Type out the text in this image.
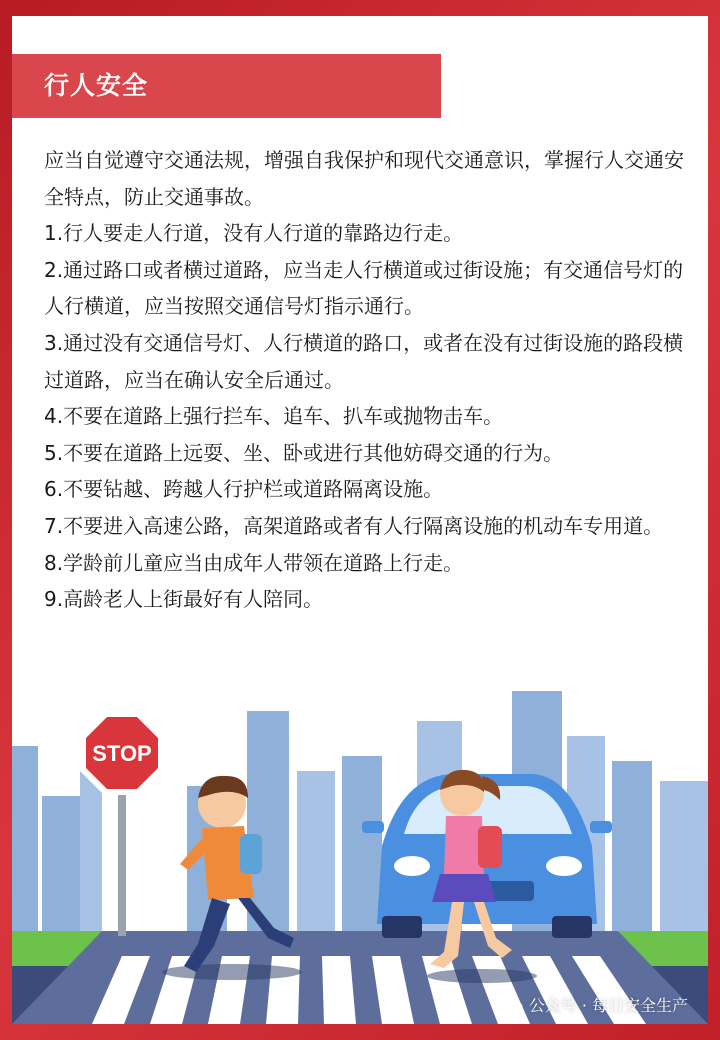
行人安全

应当自觉遵守交通法规，增强自我保护和现代交通意识，掌握行人交通安全特点，防止交通事故。

1.行人要走人行道，没有人行道的靠路边行走。

2.通过路口或者横过道路，应当走人行横道或过街设施；有交通信号灯的人行横道，应当按照交通信号灯指示通行。

3.通过没有交通信号灯、人行横道的路口，或者在没有过街设施的路段横过道路，应当在确认安全后通过。

4.不要在道路上强行拦车、追车、扒车或抛物击车。

5.不要在道路上远耍、坐、卧或进行其他妨碍交通的行为。

6.不要钻越、跨越人行护栏或道路隔离设施。

7.不要进入高速公路，高架道路或者有人行隔离设施的机动车专用道。

8.学龄前儿童应当由成年人带领在道路上行走。

9.高龄老人上街最好有人陪同。

STOP
公众号 · 每日安全生产
